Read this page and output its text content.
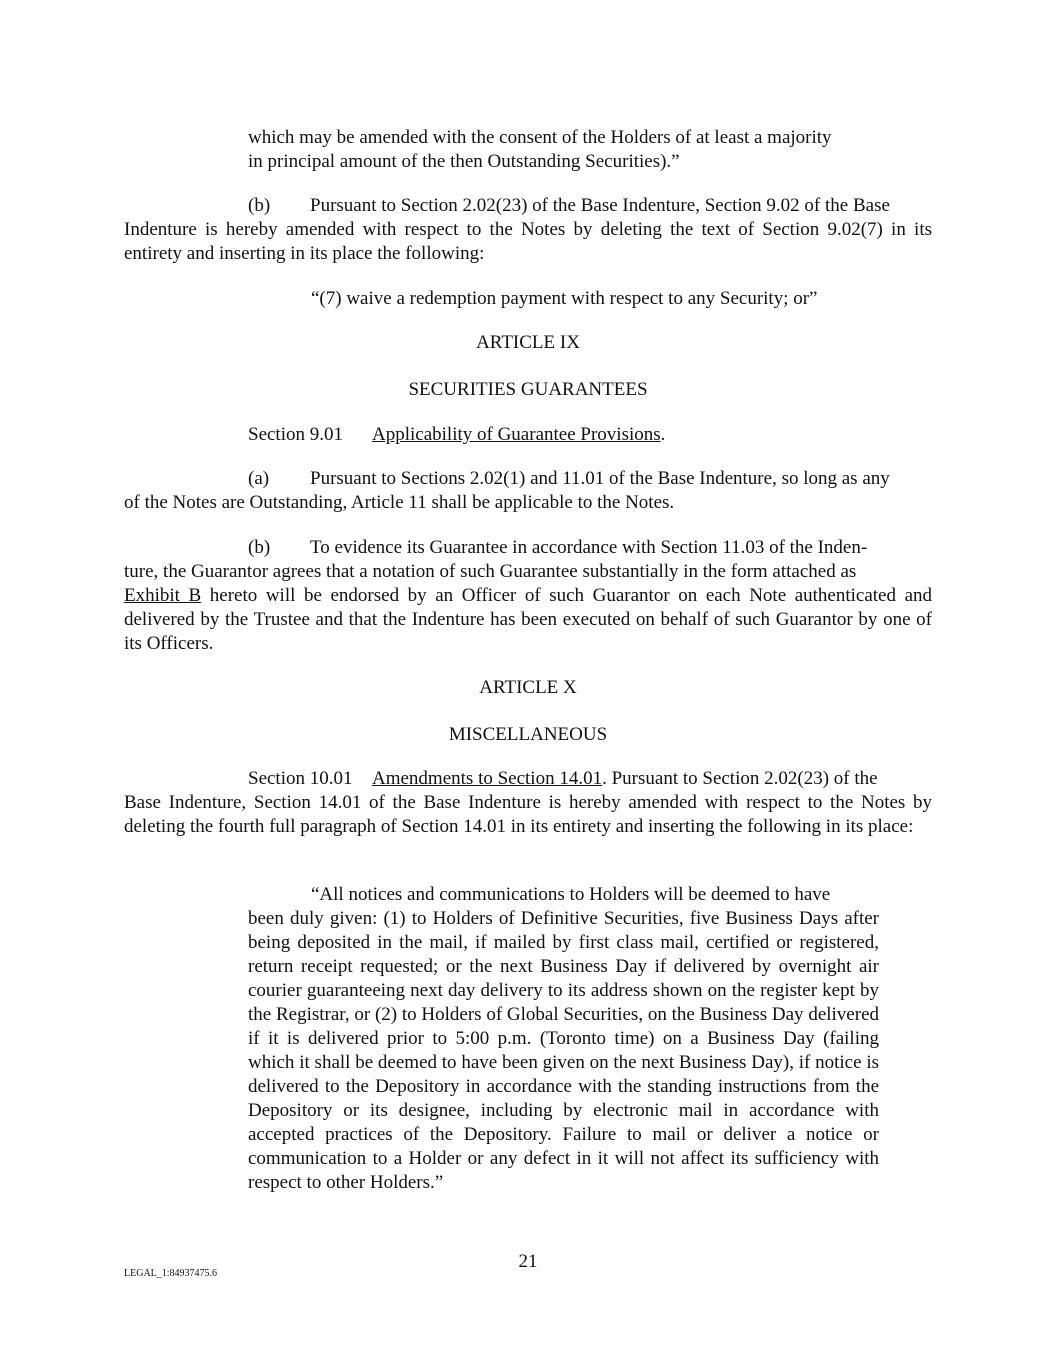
which may be amended with the consent of the Holders of at least a majority
in principal amount of the then Outstanding Securities).”
(b) Pursuant to Section 2.02(23) of the Base Indenture, Section 9.02 of the Base
Indenture is hereby amended with respect to the Notes by deleting the text of Section 9.02(7) in its entirety and inserting in its place the following:
“(7) waive a redemption payment with respect to any Security; or”
ARTICLE IX
SECURITIES GUARANTEES
Section 9.01 Applicability of Guarantee Provisions.
(a) Pursuant to Sections 2.02(1) and 11.01 of the Base Indenture, so long as any
of the Notes are Outstanding, Article 11 shall be applicable to the Notes.
(b) To evidence its Guarantee in accordance with Section 11.03 of the Inden-
ture, the Guarantor agrees that a notation of such Guarantee substantially in the form attached as
Exhibit B hereto will be endorsed by an Officer of such Guarantor on each Note authenticated and delivered by the Trustee and that the Indenture has been executed on behalf of such Guarantor by one of its Officers.
ARTICLE X
MISCELLANEOUS
Section 10.01 Amendments to Section 14.01. Pursuant to Section 2.02(23) of the
Base Indenture, Section 14.01 of the Base Indenture is hereby amended with respect to the Notes by deleting the fourth full paragraph of Section 14.01 in its entirety and inserting the following in its place:
“All notices and communications to Holders will be deemed to have
been duly given: (1) to Holders of Definitive Securities, five Business Days after being deposited in the mail, if mailed by first class mail, certified or registered, return receipt requested; or the next Business Day if delivered by overnight air courier guaranteeing next day delivery to its address shown on the register kept by the Registrar, or (2) to Holders of Global Securities, on the Business Day delivered if it is delivered prior to 5:00 p.m. (Toronto time) on a Business Day (failing which it shall be deemed to have been given on the next Business Day), if notice is delivered to the Depository in accordance with the standing instructions from the Depository or its designee, including by electronic mail in accordance with accepted practices of the Depository. Failure to mail or deliver a notice or communication to a Holder or any defect in it will not affect its sufficiency with respect to other Holders.”
21
LEGAL_1:84937475.6
